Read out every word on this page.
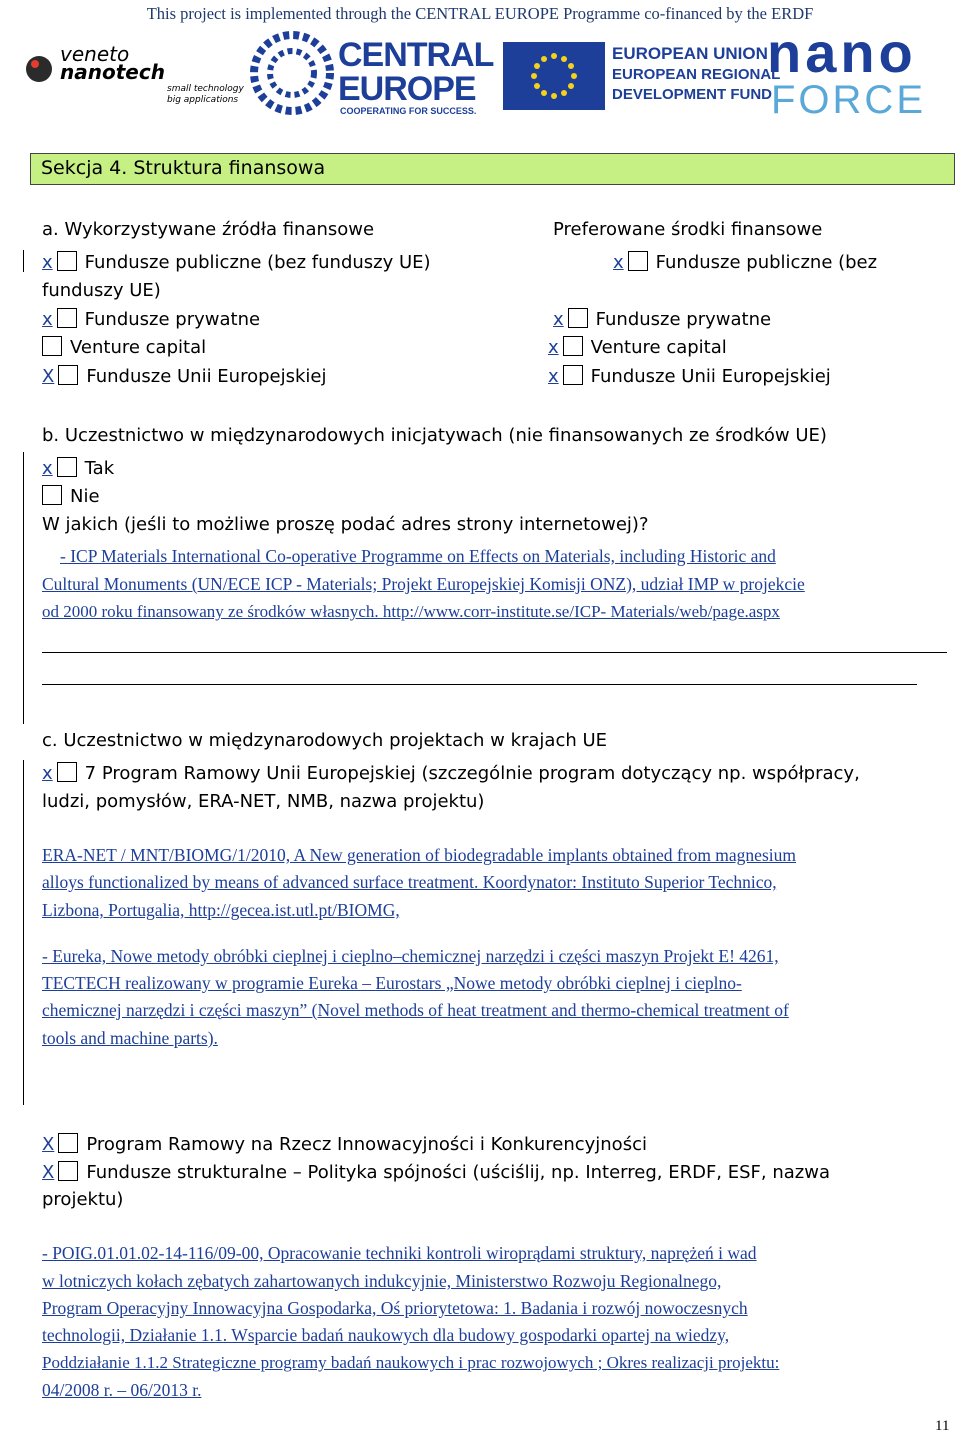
This project is implemented through the CENTRAL EUROPE Programme co-financed by the ERDF
veneto
nanotech
small technology
big applications
CENTRAL
EUROPE
COOPERATING FOR SUCCESS.
EUROPEAN UNION
EUROPEAN REGIONAL
DEVELOPMENT FUND
nano
FORCE
Sekcja 4. Struktura finansowa
a. Wykorzystywane źródła finansowe	Preferowane środki finansowe
x Fundusze publiczne (bez funduszy UE)	x Fundusze publiczne (bez
funduszy UE)
x Fundusze prywatne	x Fundusze prywatne
Venture capital	x Venture capital
X Fundusze Unii Europejskiej	x Fundusze Unii Europejskiej
b. Uczestnictwo w międzynarodowych inicjatywach (nie finansowanych ze środków UE)
x Tak
Nie
W jakich (jeśli to możliwe proszę podać adres strony internetowej)?
- ICP Materials International Co-operative Programme on Effects on Materials, including Historic and
Cultural Monuments (UN/ECE ICP - Materials; Projekt Europejskiej Komisji ONZ), udział IMP w projekcie
od 2000 roku finansowany ze środków własnych. http://www.corr-institute.se/ICP- Materials/web/page.aspx
c. Uczestnictwo w międzynarodowych projektach w krajach UE
x 7 Program Ramowy Unii Europejskiej (szczególnie program dotyczący np. współpracy,
ludzi, pomysłów, ERA-NET, NMB, nazwa projektu)
ERA-NET / MNT/BIOMG/1/2010, A New generation of biodegradable implants obtained from magnesium
alloys functionalized by means of advanced surface treatment. Koordynator: Instituto Superior Technico,
Lizbona, Portugalia, http://gecea.ist.utl.pt/BIOMG,
- Eureka, Nowe metody obróbki cieplnej i cieplno–chemicznej narzędzi i części maszyn Projekt E! 4261,
TECTECH realizowany w programie Eureka – Eurostars „Nowe metody obróbki cieplnej i cieplno-
chemicznej narzędzi i części maszyn” (Novel methods of heat treatment and thermo-chemical treatment of
tools and machine parts).
X Program Ramowy na Rzecz Innowacyjności i Konkurencyjności
X Fundusze strukturalne – Polityka spójności (uściślij, np. Interreg, ERDF, ESF, nazwa
projektu)
- POIG.01.01.02-14-116/09-00, Opracowanie techniki kontroli wiroprądami struktury, naprężeń i wad
w lotniczych kołach zębatych zahartowanych indukcyjnie, Ministerstwo Rozwoju Regionalnego,
Program Operacyjny Innowacyjna Gospodarka, Oś priorytetowa: 1. Badania i rozwój nowoczesnych
technologii, Działanie 1.1. Wsparcie badań naukowych dla budowy gospodarki opartej na wiedzy,
Poddziałanie 1.1.2 Strategiczne programy badań naukowych i prac rozwojowych ; Okres realizacji projektu:
04/2008 r. – 06/2013 r.
11
